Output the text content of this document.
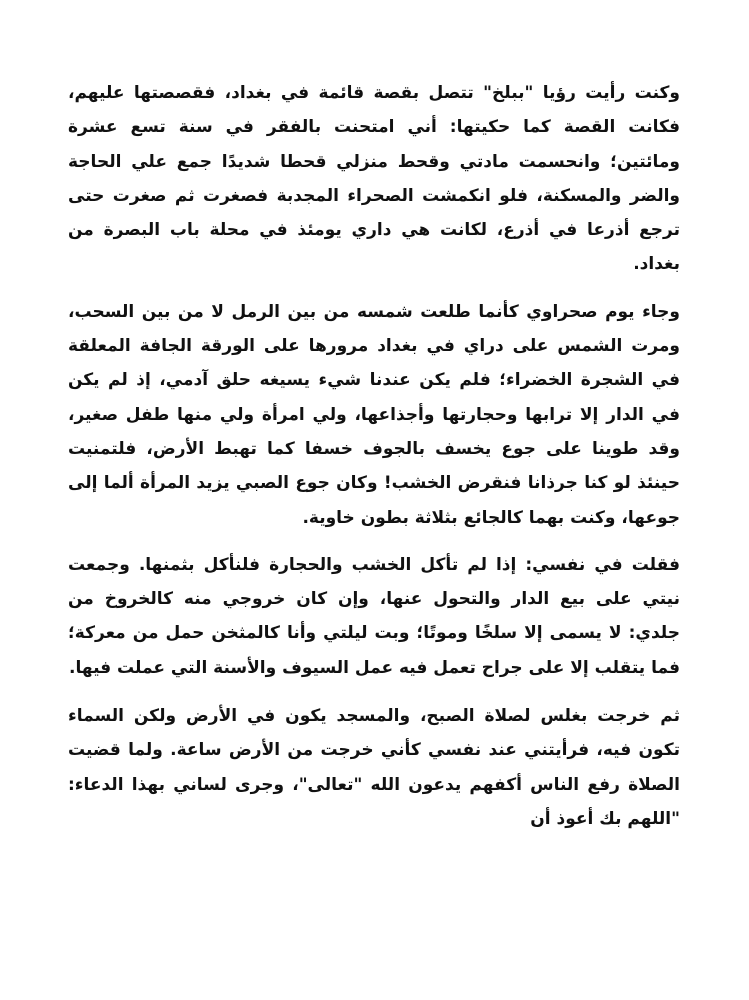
وكنت رأيت رؤيا "ببلخ" تتصل بقصة قائمة في بغداد، فقصصتها عليهم، فكانت القصة كما حكيتها: أني امتحنت بالفقر في سنة تسع عشرة ومائتين؛ وانحسمت مادتي وقحط منزلي قحطا شديدًا جمع علي الحاجة والضر والمسكنة، فلو انكمشت الصحراء المجدبة فصغرت ثم صغرت حتى ترجع أذرعا في أذرع، لكانت هي داري يومئذ في محلة باب البصرة من بغداد.

وجاء يوم صحراوي كأنما طلعت شمسه من بين الرمل لا من بين السحب، ومرت الشمس على دراي في بغداد مرورها على الورقة الجافة المعلقة في الشجرة الخضراء؛ فلم يكن عندنا شيء يسيغه حلق آدمي، إذ لم يكن في الدار إلا ترابها وحجارتها وأجذاعها، ولي امرأة ولي منها طفل صغير، وقد طوينا على جوع يخسف بالجوف خسفا كما تهبط الأرض، فلتمنيت حينئذ لو كنا جرذانا فنقرض الخشب! وكان جوع الصبي يزيد المرأة ألما إلى جوعها، وكنت بهما كالجائع بثلاثة بطون خاوية.

فقلت في نفسي: إذا لم تأكل الخشب والحجارة فلنأكل بثمنها. وجمعت نيتي على بيع الدار والتحول عنها، وإن كان خروجي منه كالخروخ من جلدي: لا يسمى إلا سلخًا وموتًا؛ وبت ليلتي وأنا كالمثخن حمل من معركة؛ فما يتقلب إلا على جراح تعمل فيه عمل السيوف والأسنة التي عملت فيها.

ثم خرجت بغلس لصلاة الصبح، والمسجد يكون في الأرض ولكن السماء تكون فيه، فرأيتني عند نفسي كأني خرجت من الأرض ساعة. ولما قضيت الصلاة رفع الناس أكفهم يدعون الله "تعالى"، وجرى لساني بهذا الدعاء: "اللهم بك أعوذ أن
